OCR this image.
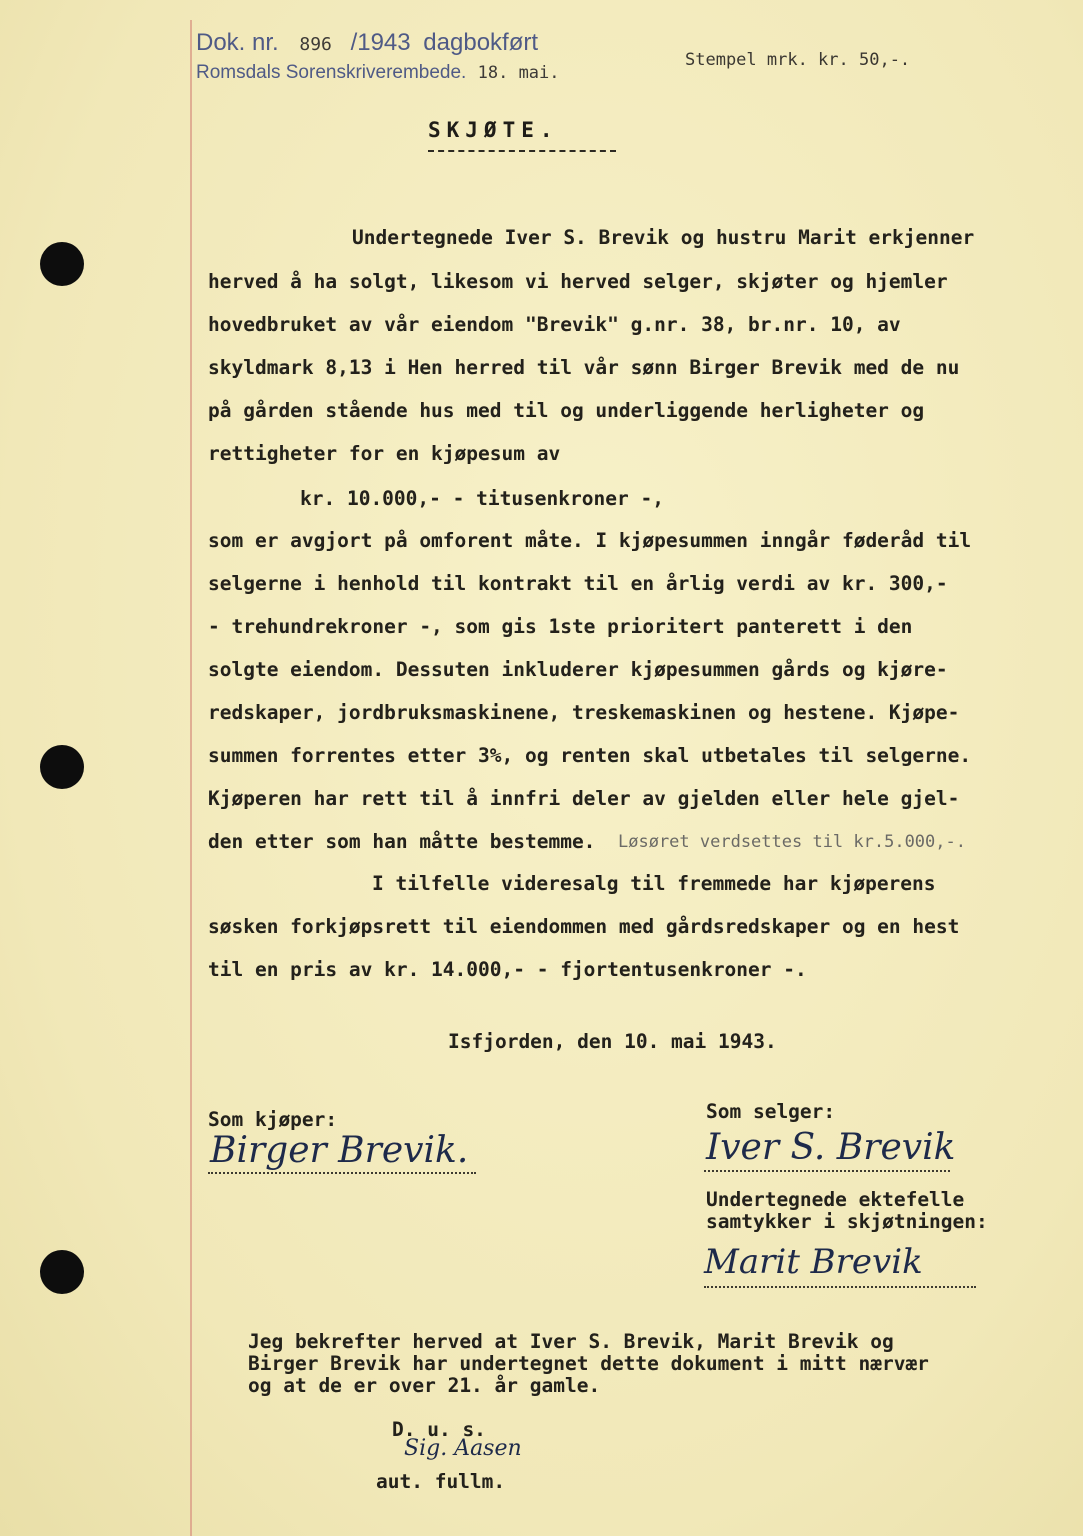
Dok. nr. 896 /1943 dagbokført
Romsdals Sorenskriverembede. 18. mai.
Stempel mrk. kr. 50,-.
SKJØTE.
Undertegnede Iver S. Brevik og hustru Marit erkjenner
herved å ha solgt, likesom vi herved selger, skjøter og hjemler
hovedbruket av vår eiendom "Brevik" g.nr. 38, br.nr. 10, av
skyldmark 8,13 i Hen herred til vår sønn Birger Brevik med de nu
på gården stående hus med til og underliggende herligheter og
rettigheter for en kjøpesum av
kr. 10.000,- - titusenkroner -,
som er avgjort på omforent måte. I kjøpesummen inngår føderåd til
selgerne i henhold til kontrakt til en årlig verdi av kr. 300,-
- trehundrekroner -, som gis 1ste prioritert panterett i den
solgte eiendom. Dessuten inkluderer kjøpesummen gårds og kjøre-
redskaper, jordbruksmaskinene, treskemaskinen og hestene. Kjøpe-
summen forrentes etter 3%, og renten skal utbetales til selgerne.
Kjøperen har rett til å innfri deler av gjelden eller hele gjel-
den etter som han måtte bestemme.	Løsøret verdsettes til kr.5.000,-.
I tilfelle videresalg til fremmede har kjøperens
søsken forkjøpsrett til eiendommen med gårdsredskaper og en hest
til en pris av kr. 14.000,- - fjortentusenkroner -.
Isfjorden, den 10. mai 1943.
Som kjøper:
Birger Brevik.
Som selger:
Iver S. Brevik
Undertegnede ektefelle
samtykker i skjøtningen:
Marit Brevik
Jeg bekrefter herved at Iver S. Brevik, Marit Brevik og
Birger Brevik har undertegnet dette dokument i mitt nærvær
og at de er over 21. år gamle.
D. u. s.
Sig. Aasen
aut. fullm.
